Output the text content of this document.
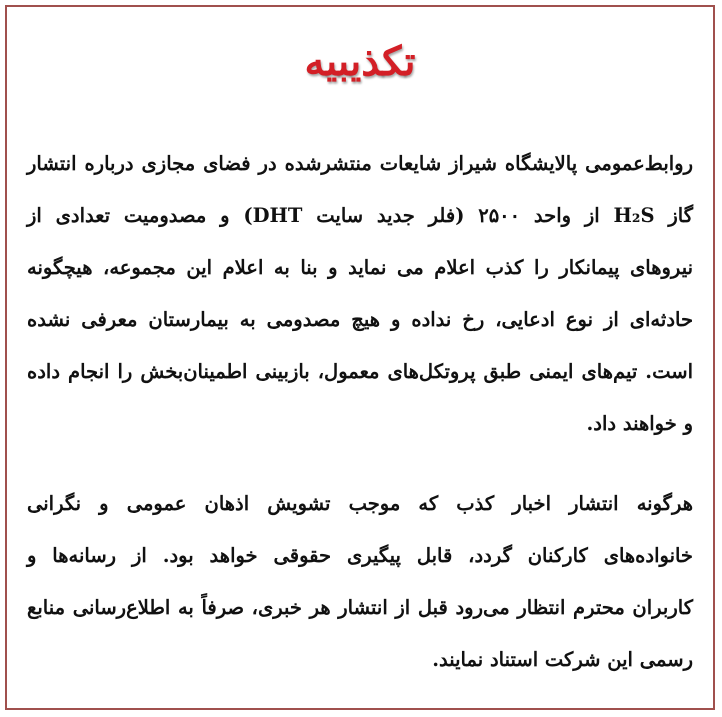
تکذیبیه
روابط‌عمومی پالایشگاه شیراز شایعات منتشرشده در فضای مجازی درباره انتشار
گاز H₂S از واحد ۲۵۰۰ (فلر جدید سایت DHT) و مصدومیت تعدادی از
نیروهای پیمانکار را کذب اعلام می نماید و بنا به اعلام این مجموعه، هیچگونه
حادثه‌ای از نوع ادعایی، رخ نداده و هیچ مصدومی به بیمارستان معرفی نشده
است. تیم‌های ایمنی طبق پروتکل‌های معمول، بازبینی اطمینان‌بخش را انجام داده
و خواهند داد.
هرگونه انتشار اخبار کذب که موجب تشویش اذهان عمومی و نگرانی
خانواده‌های کارکنان گردد، قابل پیگیری حقوقی خواهد بود. از رسانه‌ها و
کاربران محترم انتظار می‌رود قبل از انتشار هر خبری، صرفاً به اطلاع‌رسانی منابع
رسمی این شرکت استناد نمایند.
